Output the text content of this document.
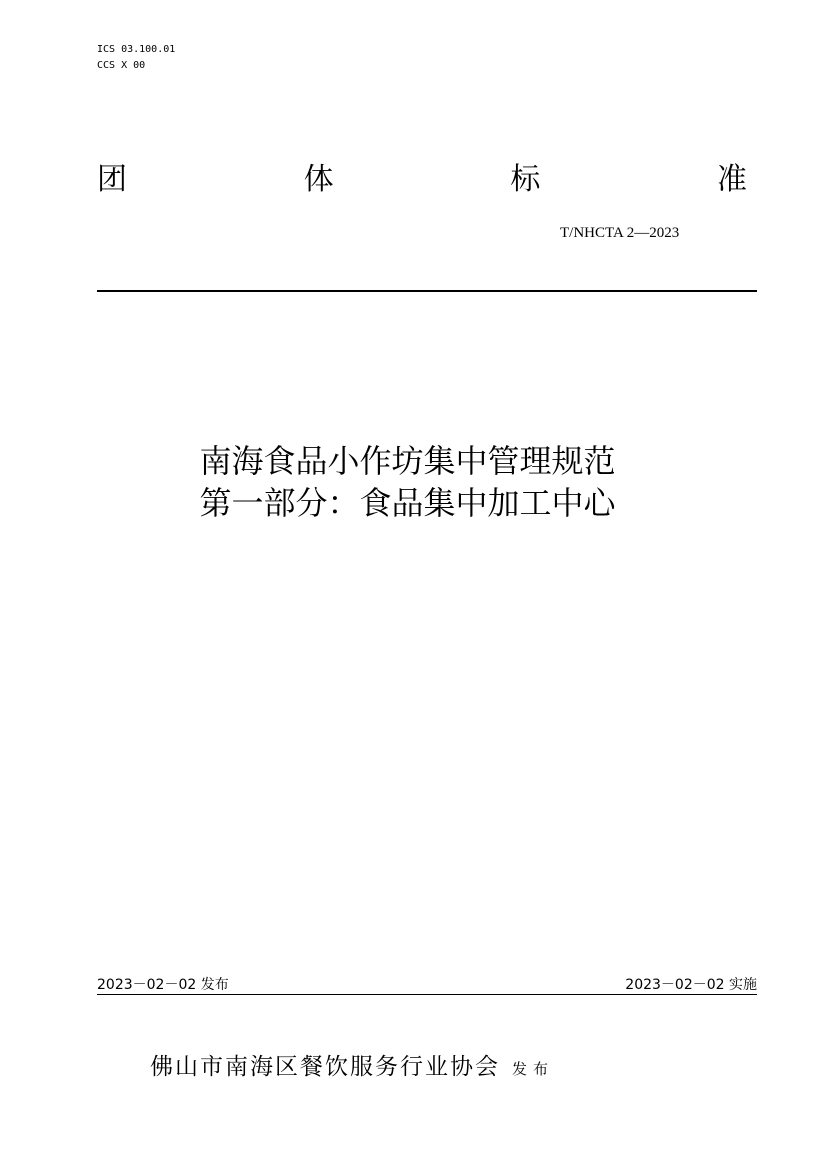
ICS 03.100.01
CCS X 00
团	体	标	准
T/NHCTA 2—2023
南海食品小作坊集中管理规范
第一部分：食品集中加工中心
2023－02－02 发布	2023－02－02 实施
佛山市南海区餐饮服务行业协会 发布
